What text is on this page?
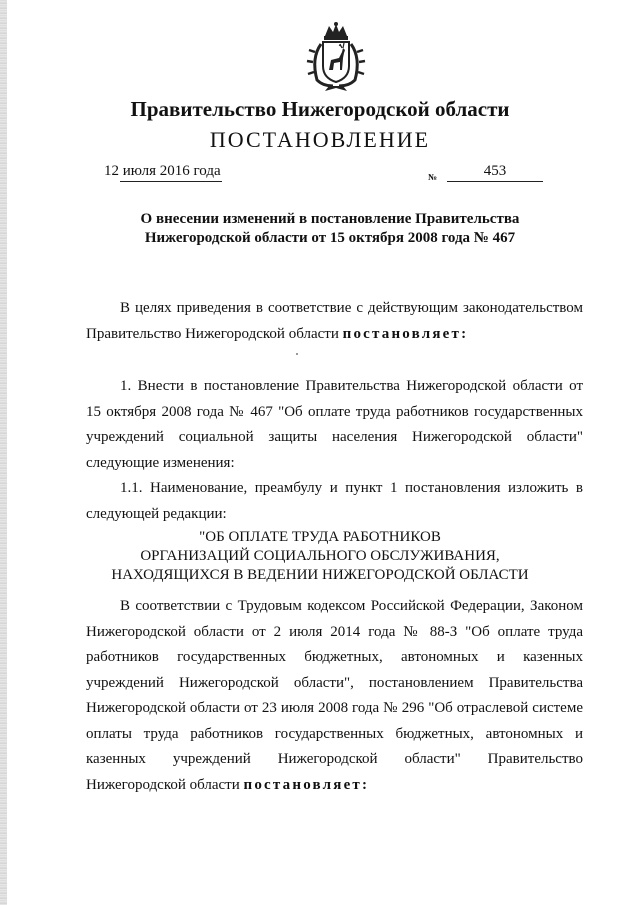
Правительство Нижегородской области
ПОСТАНОВЛЕНИЕ
12 июля 2016 года	№	453
О внесении изменений в постановление Правительства
Нижегородской области от 15 октября 2008 года № 467
В целях приведения в соответствие с действующим законодательством Правительство Нижегородской области постановляет:
1. Внести в постановление Правительства Нижегородской области от 15 октября 2008 года № 467 "Об оплате труда работников государственных учреждений социальной защиты населения Нижегородской области" следующие изменения:
1.1. Наименование, преамбулу и пункт 1 постановления изложить в следующей редакции:
"ОБ ОПЛАТЕ ТРУДА РАБОТНИКОВ
ОРГАНИЗАЦИЙ СОЦИАЛЬНОГО ОБСЛУЖИВАНИЯ,
НАХОДЯЩИХСЯ В ВЕДЕНИИ НИЖЕГОРОДСКОЙ ОБЛАСТИ
В соответствии с Трудовым кодексом Российской Федерации, Законом Нижегородской области от 2 июля 2014 года № 88-З "Об оплате труда работников государственных бюджетных, автономных и казенных учреждений Нижегородской области", постановлением Правительства Нижегородской области от 23 июля 2008 года № 296 "Об отраслевой системе оплаты труда работников государственных бюджетных, автономных и казенных учреждений Нижегородской области" Правительство Нижегородской области постановляет:
